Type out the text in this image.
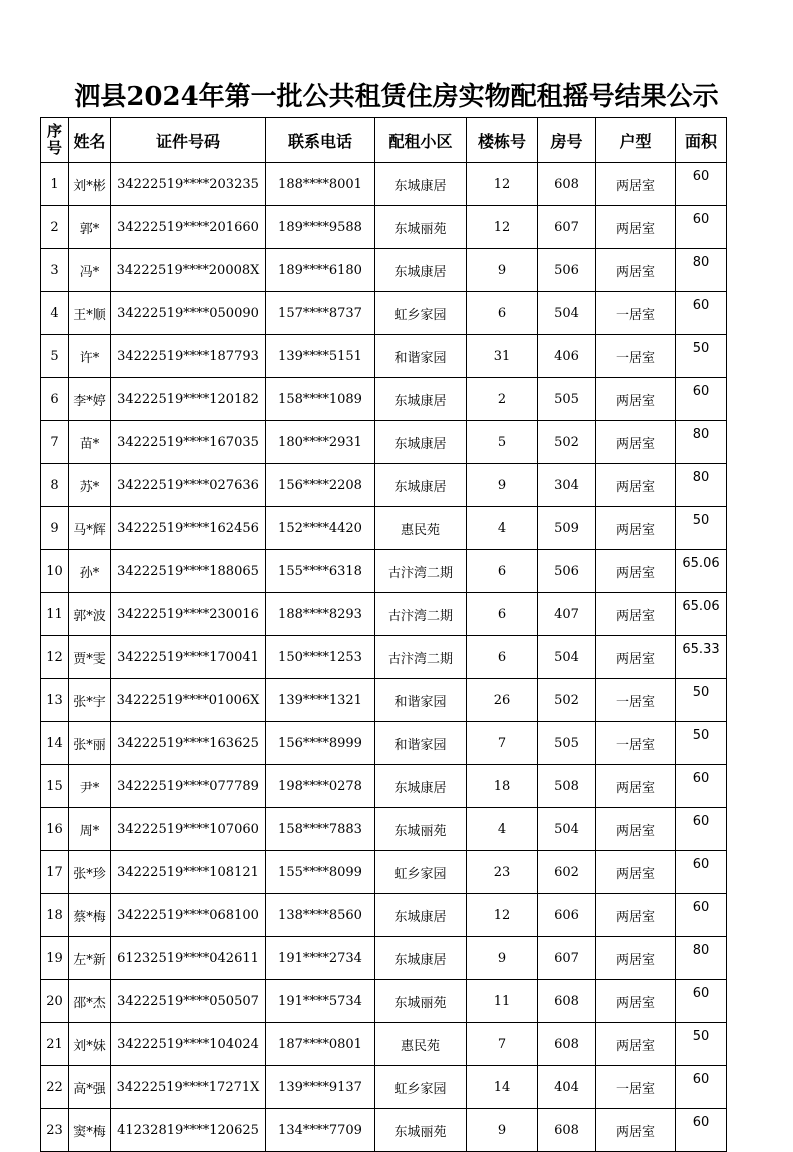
泗县2024年第一批公共租赁住房实物配租摇号结果公示
序
号	姓名	证件号码	联系电话	配租小区	楼栋号	房号	户型	面积
1	刘*彬	34222519****203235	188****8001	东城康居	12	608	两居室	60
2	郭*	34222519****201660	189****9588	东城丽苑	12	607	两居室	60
3	冯*	34222519****20008X	189****6180	东城康居	9	506	两居室	80
4	王*顺	34222519****050090	157****8737	虹乡家园	6	504	一居室	60
5	许*	34222519****187793	139****5151	和谐家园	31	406	一居室	50
6	李*婷	34222519****120182	158****1089	东城康居	2	505	两居室	60
7	苗*	34222519****167035	180****2931	东城康居	5	502	两居室	80
8	苏*	34222519****027636	156****2208	东城康居	9	304	两居室	80
9	马*辉	34222519****162456	152****4420	惠民苑	4	509	两居室	50
10	孙*	34222519****188065	155****6318	古汴湾二期	6	506	两居室	65.06
11	郭*波	34222519****230016	188****8293	古汴湾二期	6	407	两居室	65.06
12	贾*雯	34222519****170041	150****1253	古汴湾二期	6	504	两居室	65.33
13	张*宇	34222519****01006X	139****1321	和谐家园	26	502	一居室	50
14	张*丽	34222519****163625	156****8999	和谐家园	7	505	一居室	50
15	尹*	34222519****077789	198****0278	东城康居	18	508	两居室	60
16	周*	34222519****107060	158****7883	东城丽苑	4	504	两居室	60
17	张*珍	34222519****108121	155****8099	虹乡家园	23	602	两居室	60
18	蔡*梅	34222519****068100	138****8560	东城康居	12	606	两居室	60
19	左*新	61232519****042611	191****2734	东城康居	9	607	两居室	80
20	邵*杰	34222519****050507	191****5734	东城丽苑	11	608	两居室	60
21	刘*妹	34222519****104024	187****0801	惠民苑	7	608	两居室	50
22	高*强	34222519****17271X	139****9137	虹乡家园	14	404	一居室	60
23	窦*梅	41232819****120625	134****7709	东城丽苑	9	608	两居室	60
